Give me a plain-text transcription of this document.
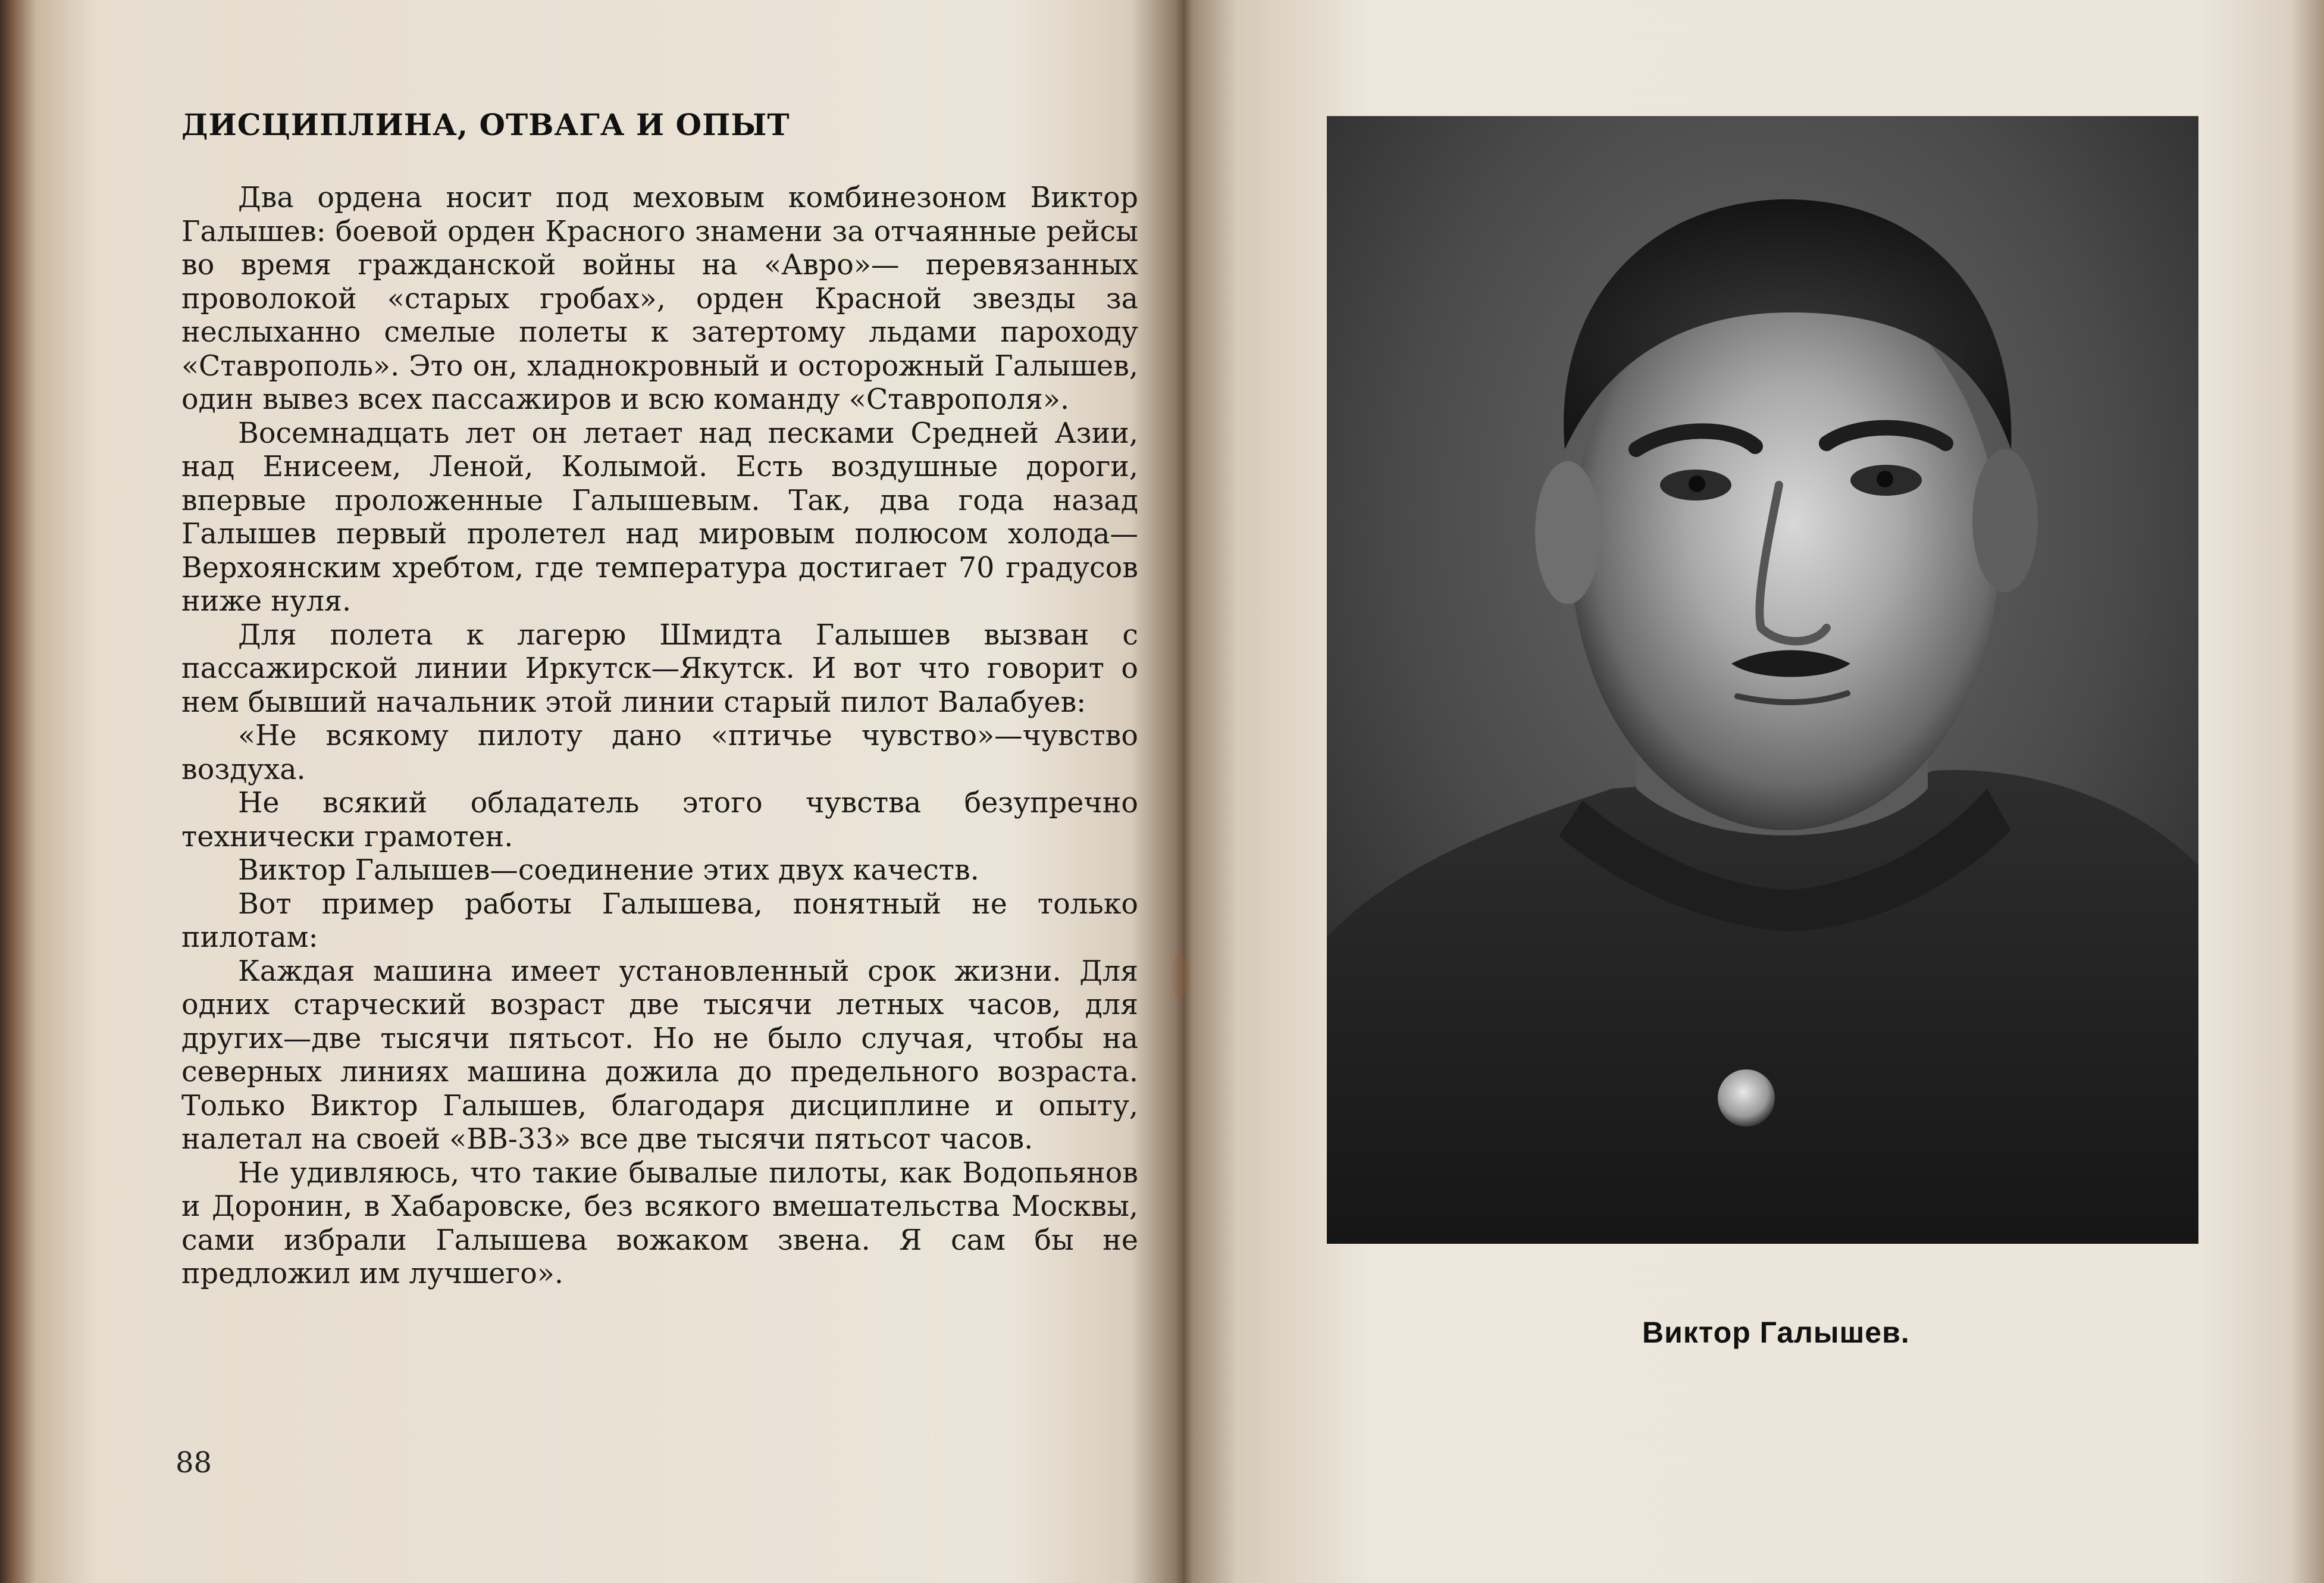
ДИСЦИПЛИНА, ОТВАГА И ОПЫТ

Два ордена носит под меховым комбинезоном Виктор Галышев: боевой орден Красного знамени за отчаянные рейсы во время гражданской войны на «Авро»— перевязанных проволокой «старых гробах», орден Красной звезды за неслыханно смелые полеты к затертому льдами пароходу «Ставрополь». Это он, хладнокровный и осторожный Галышев, один вывез всех пассажиров и всю команду «Ставрополя».

Восемнадцать лет он летает над песками Средней Азии, над Енисеем, Леной, Колымой. Есть воздушные дороги, впервые проложенные Галышевым. Так, два года назад Галышев первый пролетел над мировым полюсом холода—Верхоянским хребтом, где температура достигает 70 градусов ниже нуля.

Для полета к лагерю Шмидта Галышев вызван с пассажирской линии Иркутск—Якутск. И вот что говорит о нем бывший начальник этой линии старый пилот Валабуев:

«Не всякому пилоту дано «птичье чувство»—чувство воздуха.

Не всякий обладатель этого чувства безупречно технически грамотен.

Виктор Галышев—соединение этих двух качеств.

Вот пример работы Галышева, понятный не только пилотам:

Каждая машина имеет установленный срок жизни. Для одних старческий возраст две тысячи летных часов, для других—две тысячи пятьсот. Но не было случая, чтобы на северных линиях машина дожила до предельного возраста. Только Виктор Галышев, благодаря дисциплине и опыту, налетал на своей «ВВ-33» все две тысячи пятьсот часов.

Не удивляюсь, что такие бывалые пилоты, как Водопьянов и Доронин, в Хабаровске, без всякого вмешательства Москвы, сами избрали Галышева вожаком звена. Я сам бы не предложил им лучшего».

88
Виктор Галышев.
